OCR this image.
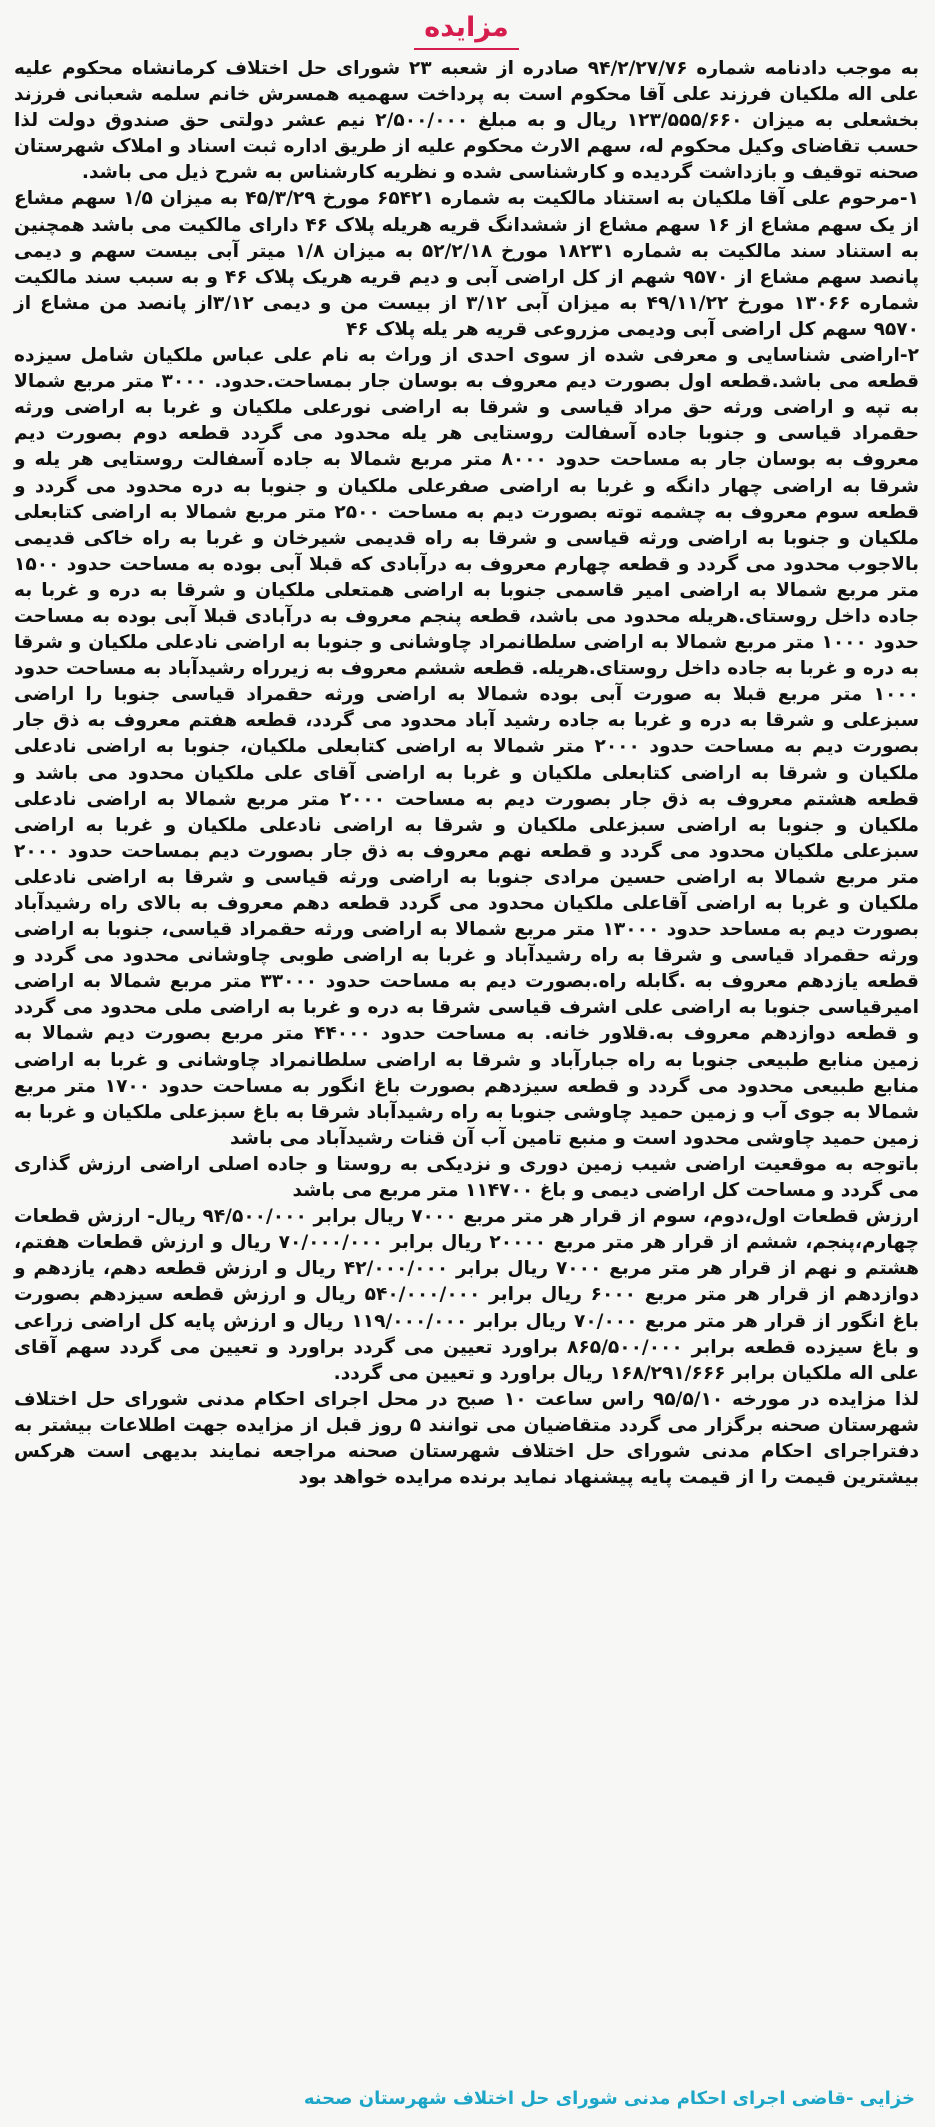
مزایده

به موجب دادنامه شماره ۹۴/۲/۲۷/۷۶ صادره از شعبه ۲۳ شورای حل اختلاف کرمانشاه محکوم علیه علی اله ملکیان فرزند علی آقا محکوم است به پرداخت سهمیه همسرش خانم سلمه شعبانی فرزند بخشعلی به میزان ۱۲۳/۵۵۵/۶۶۰ ریال و به مبلغ ۲/۵۰۰/۰۰۰ نیم عشر دولتی حق صندوق دولت لذا حسب تقاضای وکیل محکوم له، سهم الارث محکوم علیه از طریق اداره ثبت اسناد و املاک شهرستان صحنه توقیف و بازداشت گردیده و کارشناسی شده و نظریه کارشناس به شرح ذیل می باشد.

۱-مرحوم علی آقا ملکیان به استناد مالکیت به شماره ۶۵۴۲۱ مورخ ۴۵/۳/۲۹ به میزان ۱/۵ سهم مشاع از یک سهم مشاع از ۱۶ سهم مشاع از ششدانگ قریه هریله پلاک ۴۶ دارای مالکیت می باشد همچنین به استناد سند مالکیت به شماره ۱۸۲۳۱ مورخ ۵۲/۲/۱۸ به میزان ۱/۸ میتر آبی بیست سهم و دیمی پانصد سهم مشاع از ۹۵۷۰ شهم از کل اراضی آبی و دیم قریه هریک پلاک ۴۶ و به سبب سند مالکیت شماره ۱۳۰۶۶ مورخ ۴۹/۱۱/۲۲ به میزان آبی ۳/۱۲ از بیست من و دیمی ۳/۱۲از پانصد من مشاع از ۹۵۷۰ سهم کل اراضی آبی ودیمی مزروعی قریه هر یله پلاک ۴۶

۲-اراضی شناسایی و معرفی شده از سوی احدی از وراث به نام علی عباس ملکیان شامل سیزده قطعه می باشد.قطعه اول بصورت دیم معروف به بوسان جار بمساحت.حدود. ۳۰۰۰ متر مربع شمالا به تپه و اراضی ورثه حق مراد قیاسی و شرقا به اراضی نورعلی ملکیان و غربا به اراضی ورثه حقمراد قیاسی و جنوبا جاده آسفالت روستایی هر یله محدود می گردد قطعه دوم بصورت دیم معروف به بوسان جار به مساحت حدود ۸۰۰۰ متر مربع شمالا به جاده آسفالت روستایی هر یله و شرقا به اراضی چهار دانگه و غربا به اراضی صفرعلی ملکیان و جنوبا به دره محدود می گردد و قطعه سوم معروف به چشمه توته بصورت دیم به مساحت ۲۵۰۰ متر مربع شمالا به اراضی کتابعلی ملکیان و جنوبا به اراضی ورثه قیاسی و شرقا به راه قدیمی شیرخان و غربا به راه خاکی قدیمی بالاجوب محدود می گردد و قطعه چهارم معروف به درآبادی که قبلا آبی بوده به مساحت حدود ۱۵۰۰ متر مربع شمالا به اراضی امیر قاسمی جنوبا به اراضی همتعلی ملکیان و شرقا به دره و غربا به جاده داخل روستای.هریله محدود می باشد، قطعه پنجم معروف به درآبادی قبلا آبی بوده به مساحت حدود ۱۰۰۰ متر مربع شمالا به اراضی سلطانمراد چاوشانی و جنوبا به اراضی نادعلی ملکیان و شرقا به دره و غربا به جاده داخل روستای.هریله. قطعه ششم معروف به زیرراه رشیدآباد به مساحت حدود ۱۰۰۰ متر مربع قبلا به صورت آبی بوده شمالا به اراضی ورثه حقمراد قیاسی جنوبا را اراضی سبزعلی و شرقا به دره و غربا به جاده رشید آباد محدود می گردد، قطعه هفتم معروف به ذق جار بصورت دیم به مساحت حدود ۲۰۰۰ متر شمالا به اراضی کتابعلی ملکیان، جنوبا به اراضی نادعلی ملکیان و شرقا به اراضی کتابعلی ملکیان و غربا به اراضی آقای علی ملکیان محدود می باشد و قطعه هشتم معروف به ذق جار بصورت دیم به مساحت ۲۰۰۰ متر مربع شمالا به اراضی نادعلی ملکیان و جنوبا به اراضی سبزعلی ملکیان و شرقا به اراضی نادعلی ملکیان و غربا به اراضی سبزعلی ملکیان محدود می گردد و قطعه نهم معروف به ذق جار بصورت دیم بمساحت حدود ۲۰۰۰ متر مربع شمالا به اراضی حسین مرادی جنوبا به اراضی ورثه قیاسی و شرقا به اراضی نادعلی ملکیان و غربا به اراضی آقاعلی ملکیان محدود می گردد قطعه دهم معروف به بالای راه رشیدآباد بصورت دیم به مساحد حدود ۱۳۰۰۰ متر مربع شمالا به اراضی ورثه حقمراد قیاسی، جنوبا به اراضی ورثه حقمراد قیاسی و شرقا به راه رشیدآباد و غربا به اراضی طوبی چاوشانی محدود می گردد و قطعه یازدهم معروف به .گابله راه.بصورت دیم به مساحت حدود ۳۳۰۰۰ متر مربع شمالا به اراضی امیرقیاسی جنوبا به اراضی علی اشرف قیاسی شرقا به دره و غربا به اراضی ملی محدود می گردد و قطعه دوازدهم معروف به.قلاور خانه. به مساحت حدود ۴۴۰۰۰ متر مربع بصورت دیم شمالا به زمین منابع طبیعی جنوبا به راه جبارآباد و شرقا به اراضی سلطانمراد چاوشانی و غربا به اراضی منابع طبیعی محدود می گردد و قطعه سیزدهم بصورت باغ انگور به مساحت حدود ۱۷۰۰ متر مربع شمالا به جوی آب و زمین حمید چاوشی جنوبا به راه رشیدآباد شرقا به باغ سبزعلی ملکیان و غربا به زمین حمید چاوشی محدود است و منبع تامین آب آن قنات رشیدآباد می باشد

باتوجه به موقعیت اراضی شیب زمین دوری و نزدیکی به روستا و جاده اصلی اراضی ارزش گذاری می گردد و مساحت کل اراضی دیمی و باغ ۱۱۴۷۰۰ متر مربع می باشد

ارزش قطعات اول،دوم، سوم از قرار هر متر مربع ۷۰۰۰ ریال برابر ۹۴/۵۰۰/۰۰۰ ریال- ارزش قطعات چهارم،پنجم، ششم از قرار هر متر مربع ۲۰۰۰۰ ریال برابر ۷۰/۰۰۰/۰۰۰ ریال و ارزش قطعات هفتم، هشتم و نهم از قرار هر متر مربع ۷۰۰۰ ریال برابر ۴۲/۰۰۰/۰۰۰ ریال و ارزش قطعه دهم، یازدهم و دوازدهم از قرار هر متر مربع ۶۰۰۰ ریال برابر ۵۴۰/۰۰۰/۰۰۰ ریال و ارزش قطعه سیزدهم بصورت باغ انگور از قرار هر متر مربع ۷۰/۰۰۰ ریال برابر ۱۱۹/۰۰۰/۰۰۰ ریال و ارزش پایه کل اراضی زراعی و باغ سیزده قطعه برابر ۸۶۵/۵۰۰/۰۰۰ براورد تعیین می گردد براورد و تعیین می گردد سهم آقای علی اله ملکیان برابر ۱۶۸/۲۹۱/۶۶۶ ریال براورد و تعیین می گردد.

لذا مزایده در مورخه ۹۵/۵/۱۰ راس ساعت ۱۰ صبح در محل اجرای احکام مدنی شورای حل اختلاف شهرستان صحنه برگزار می گردد متقاضیان می توانند ۵ روز قبل از مزایده جهت اطلاعات بیشتر به دفتراجرای احکام مدنی شورای حل اختلاف شهرستان صحنه مراجعه نمایند بدیهی است هرکس بیشترین قیمت را از قیمت پایه پیشنهاد نماید برنده مرایده خواهد بود

خزایی -قاضی اجرای احکام مدنی شورای حل اختلاف شهرستان صحنه
